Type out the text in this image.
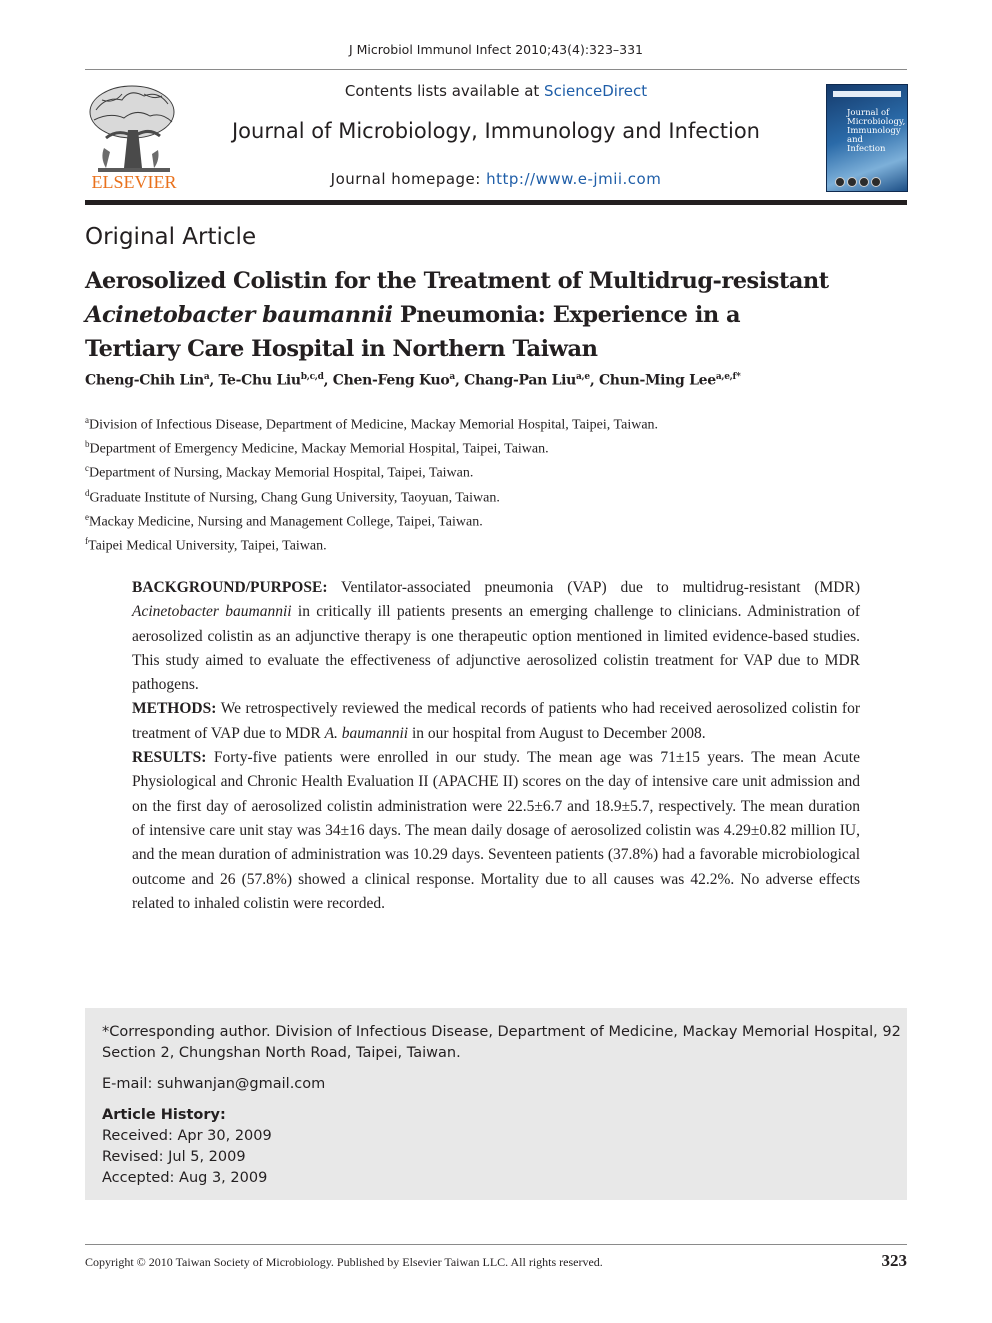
J Microbiol Immunol Infect 2010;43(4):323–331
ELSEVIER
Contents lists available at ScienceDirect
Journal of Microbiology, Immunology and Infection
Journal homepage: http://www.e-jmii.com
Journal of
Microbiology,
Immunology
and
Infection
Original Article
Aerosolized Colistin for the Treatment of Multidrug-resistant
Acinetobacter baumannii Pneumonia: Experience in a
Tertiary Care Hospital in Northern Taiwan
Cheng-Chih Lin$^a$, Te-Chu Liu$^{b,c,d}$, Chen-Feng Kuo$^a$, Chang-Pan Liu$^{a,e}$, Chun-Ming Lee$^{a,e,f*}$
$^a$Division of Infectious Disease, Department of Medicine, Mackay Memorial Hospital, Taipei, Taiwan.
$^b$Department of Emergency Medicine, Mackay Memorial Hospital, Taipei, Taiwan.
$^c$Department of Nursing, Mackay Memorial Hospital, Taipei, Taiwan.
$^d$Graduate Institute of Nursing, Chang Gung University, Taoyuan, Taiwan.
$^e$Mackay Medicine, Nursing and Management College, Taipei, Taiwan.
$^f$Taipei Medical University, Taipei, Taiwan.

BACKGROUND/PURPOSE: Ventilator-associated pneumonia (VAP) due to multidrug-resistant (MDR) Acinetobacter baumannii in critically ill patients presents an emerging challenge to clinicians. Administration of aerosolized colistin as an adjunctive therapy is one therapeutic option mentioned in limited evidence-based studies. This study aimed to evaluate the effectiveness of adjunctive aerosolized colistin treatment for VAP due to MDR pathogens.

METHODS: We retrospectively reviewed the medical records of patients who had received aerosolized colistin for treatment of VAP due to MDR A. baumannii in our hospital from August to December 2008.

RESULTS: Forty-five patients were enrolled in our study. The mean age was 71±15 years. The mean Acute Physiological and Chronic Health Evaluation II (APACHE II) scores on the day of intensive care unit admission and on the first day of aerosolized colistin administration were 22.5±6.7 and 18.9±5.7, respectively. The mean duration of intensive care unit stay was 34±16 days. The mean daily dosage of aerosolized colistin was 4.29±0.82 million IU, and the mean duration of administration was 10.29 days. Seventeen patients (37.8%) had a favorable microbiological outcome and 26 (57.8%) showed a clinical response. Mortality due to all causes was 42.2%. No adverse effects related to inhaled colistin were recorded.

*Corresponding author. Division of Infectious Disease, Department of Medicine, Mackay Memorial Hospital, 92 Section 2, Chungshan North Road, Taipei, Taiwan.
E-mail: suhwanjan@gmail.com
Article History:
Received: Apr 30, 2009
Revised: Jul 5, 2009
Accepted: Aug 3, 2009
Copyright © 2010 Taiwan Society of Microbiology. Published by Elsevier Taiwan LLC. All rights reserved.	323
